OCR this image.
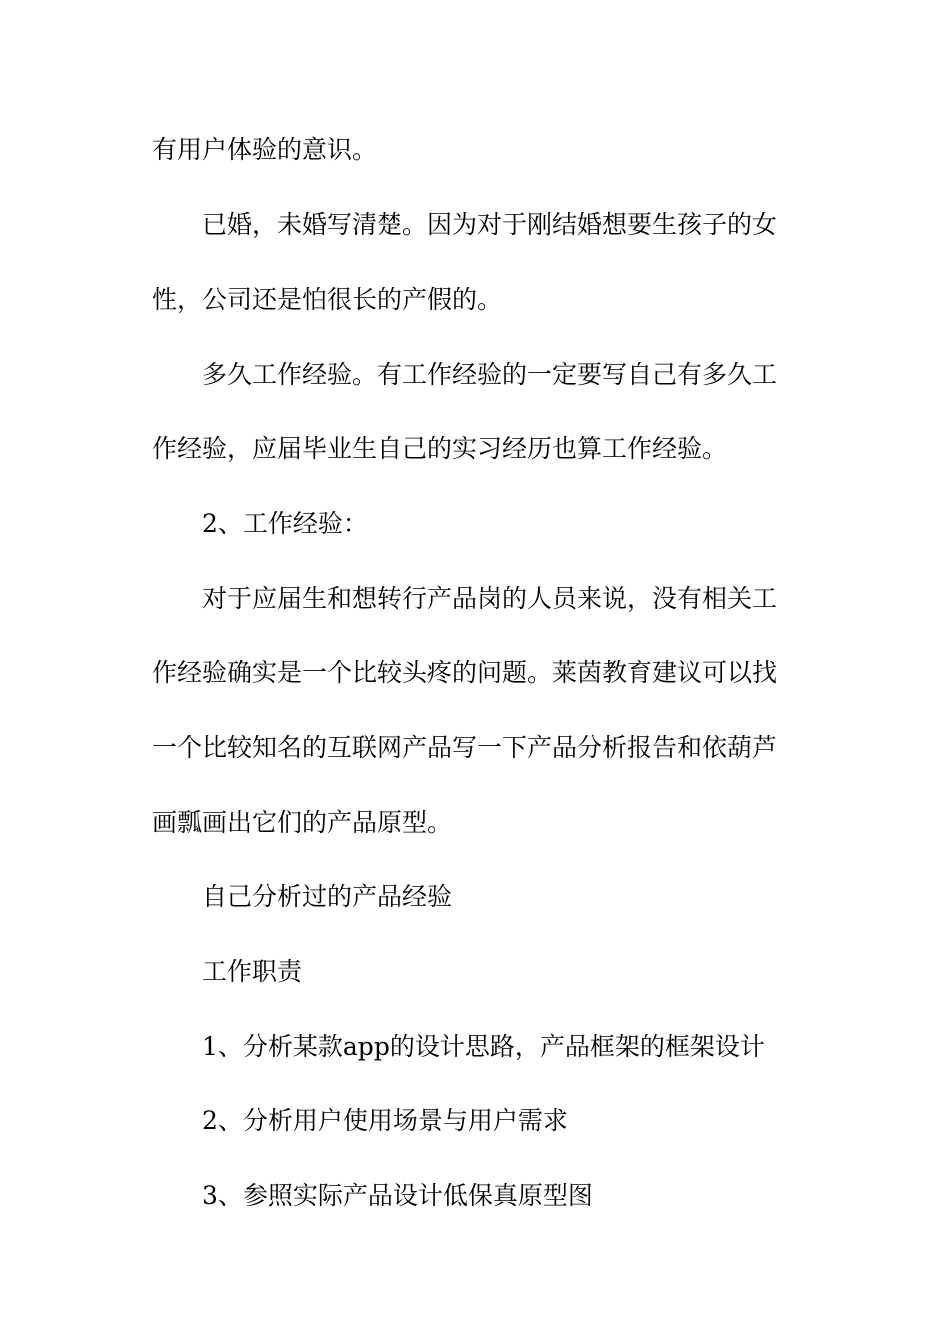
有用户体验的意识。
已婚，未婚写清楚。因为对于刚结婚想要生孩子的女
性，公司还是怕很长的产假的。
多久工作经验。有工作经验的一定要写自己有多久工
作经验，应届毕业生自己的实习经历也算工作经验。
2、工作经验：
对于应届生和想转行产品岗的人员来说，没有相关工
作经验确实是一个比较头疼的问题。莱茵教育建议可以找
一个比较知名的互联网产品写一下产品分析报告和依葫芦
画瓢画出它们的产品原型。
自己分析过的产品经验
工作职责
1、分析某款app的设计思路，产品框架的框架设计
2、分析用户使用场景与用户需求
3、参照实际产品设计低保真原型图
